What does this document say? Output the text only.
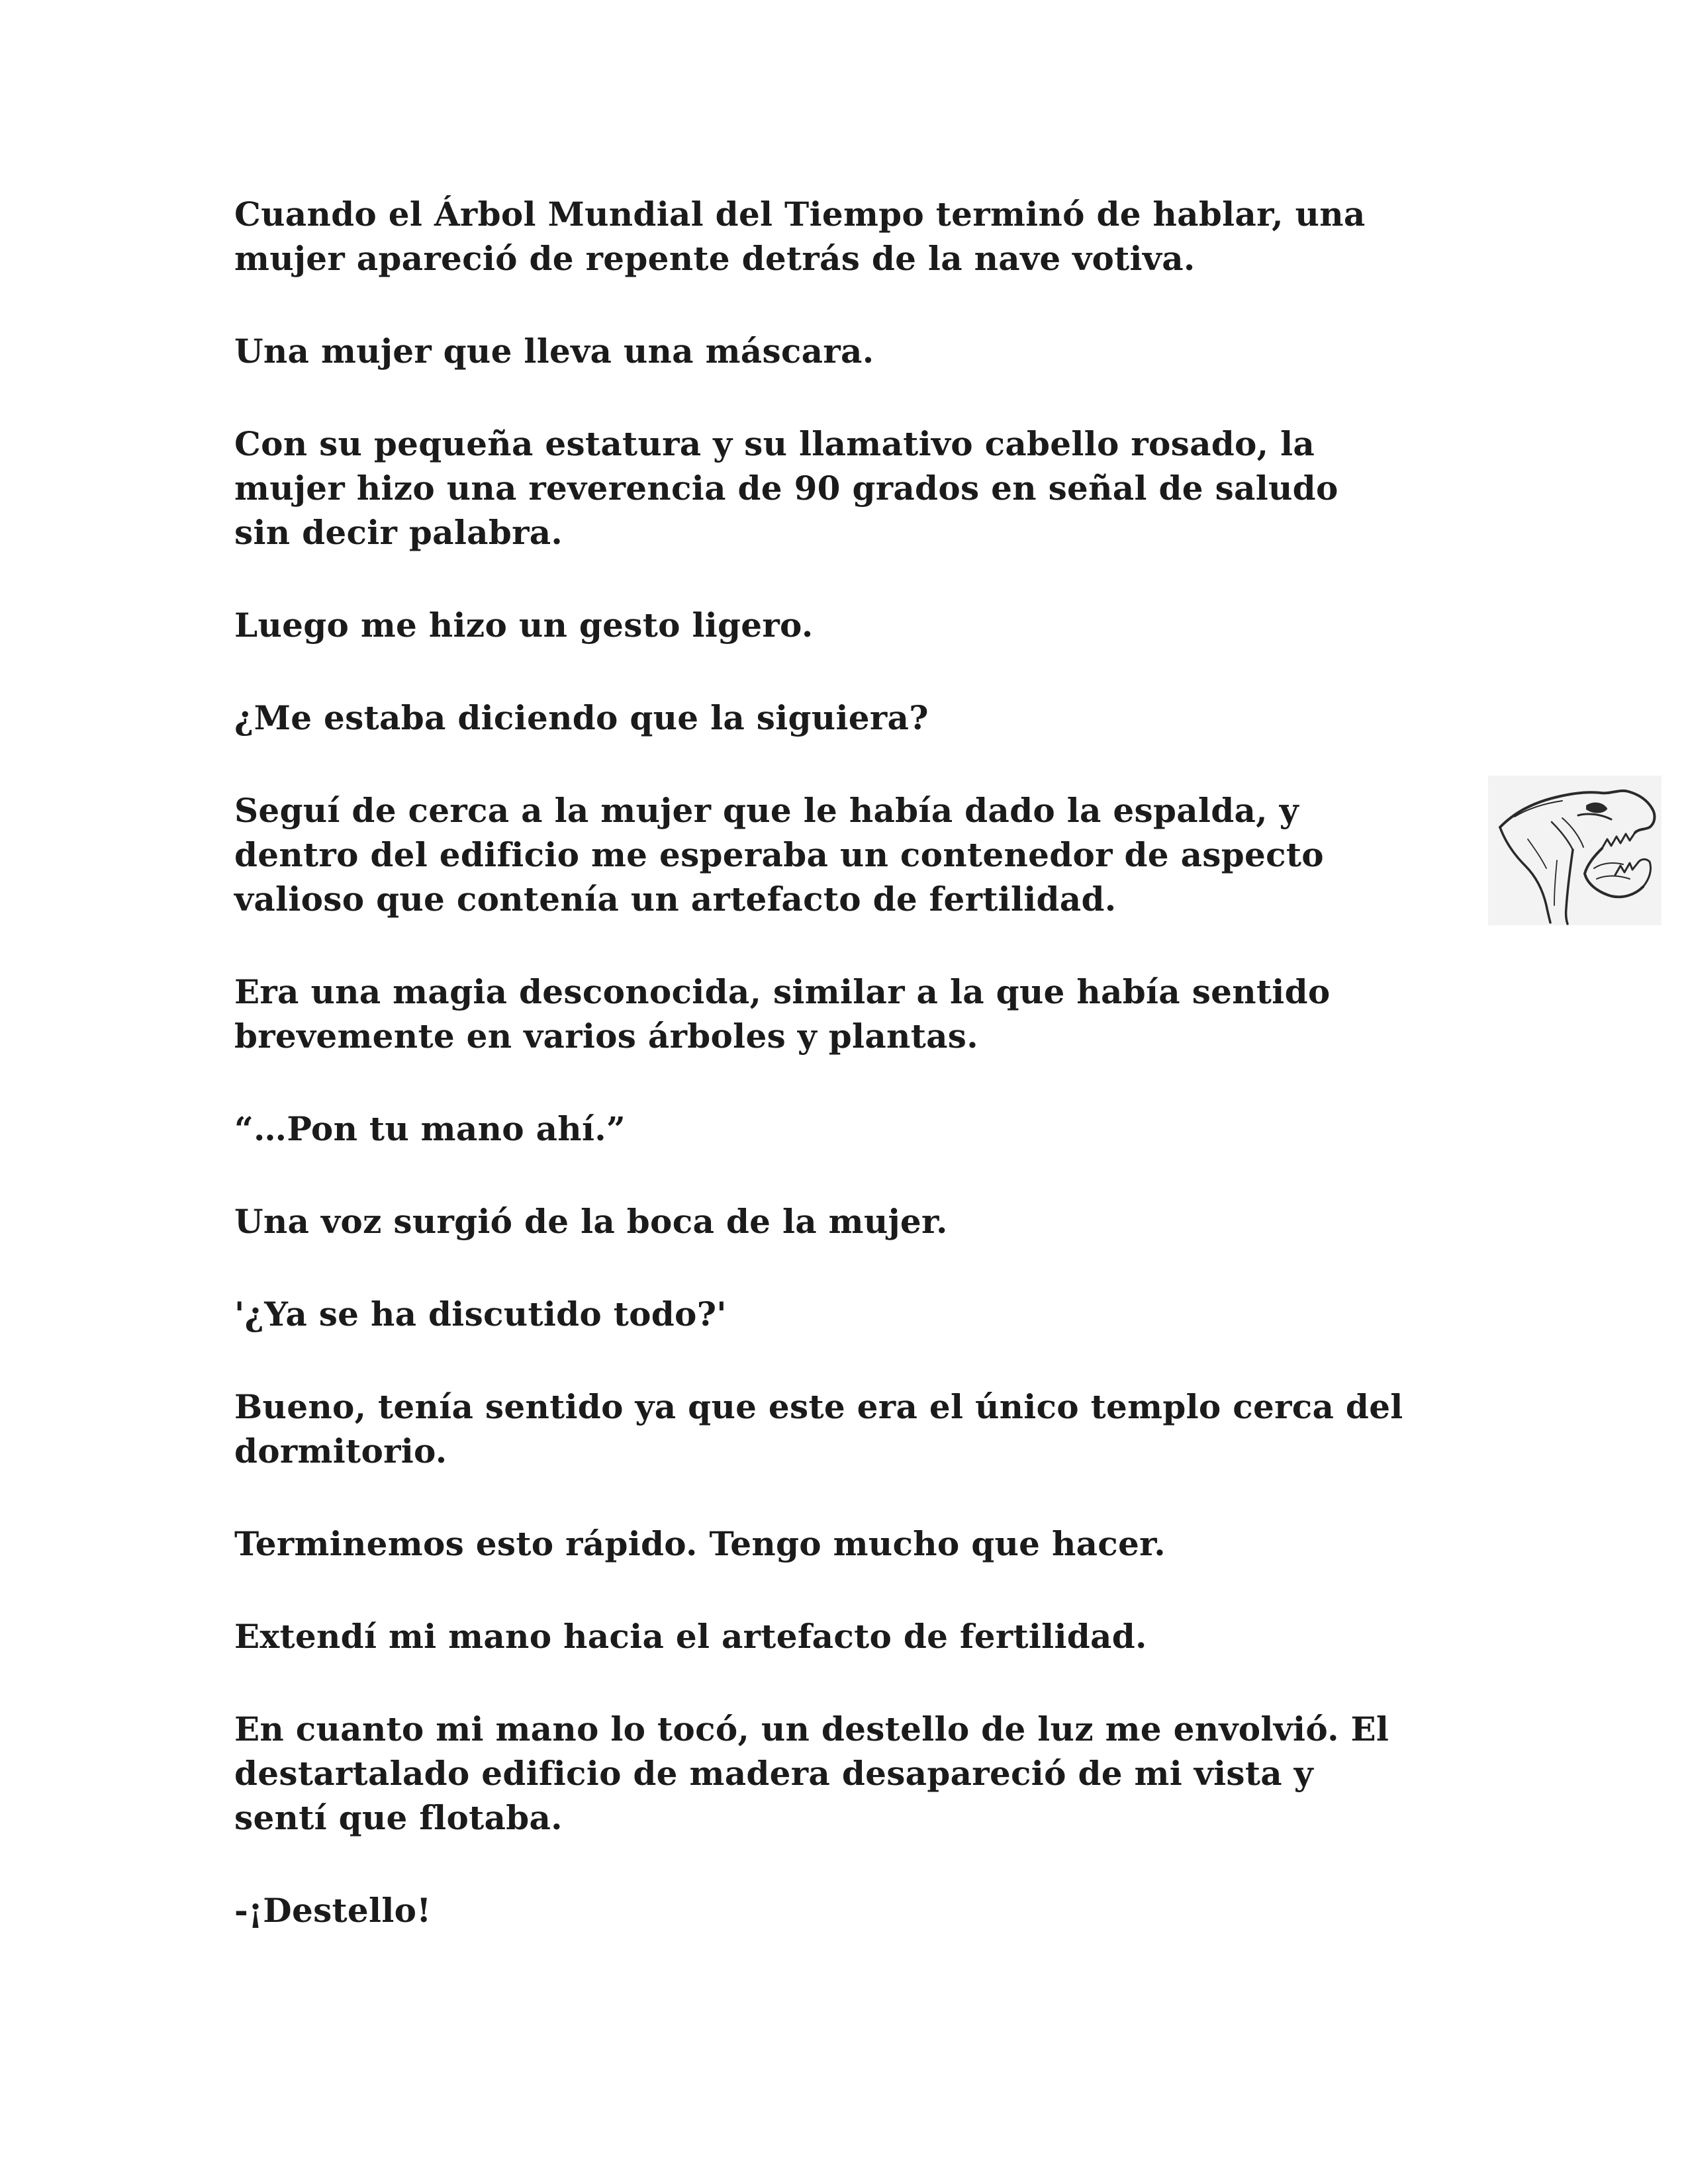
Cuando el Árbol Mundial del Tiempo terminó de hablar, una
mujer apareció de repente detrás de la nave votiva.

Una mujer que lleva una máscara.

Con su pequeña estatura y su llamativo cabello rosado, la
mujer hizo una reverencia de 90 grados en señal de saludo
sin decir palabra.

Luego me hizo un gesto ligero.

¿Me estaba diciendo que la siguiera?

Seguí de cerca a la mujer que le había dado la espalda, y
dentro del edificio me esperaba un contenedor de aspecto
valioso que contenía un artefacto de fertilidad.

Era una magia desconocida, similar a la que había sentido
brevemente en varios árboles y plantas.

“…Pon tu mano ahí.”

Una voz surgió de la boca de la mujer.

'¿Ya se ha discutido todo?'

Bueno, tenía sentido ya que este era el único templo cerca del
dormitorio.

Terminemos esto rápido. Tengo mucho que hacer.

Extendí mi mano hacia el artefacto de fertilidad.

En cuanto mi mano lo tocó, un destello de luz me envolvió. El
destartalado edificio de madera desapareció de mi vista y
sentí que flotaba.

-¡Destello!
